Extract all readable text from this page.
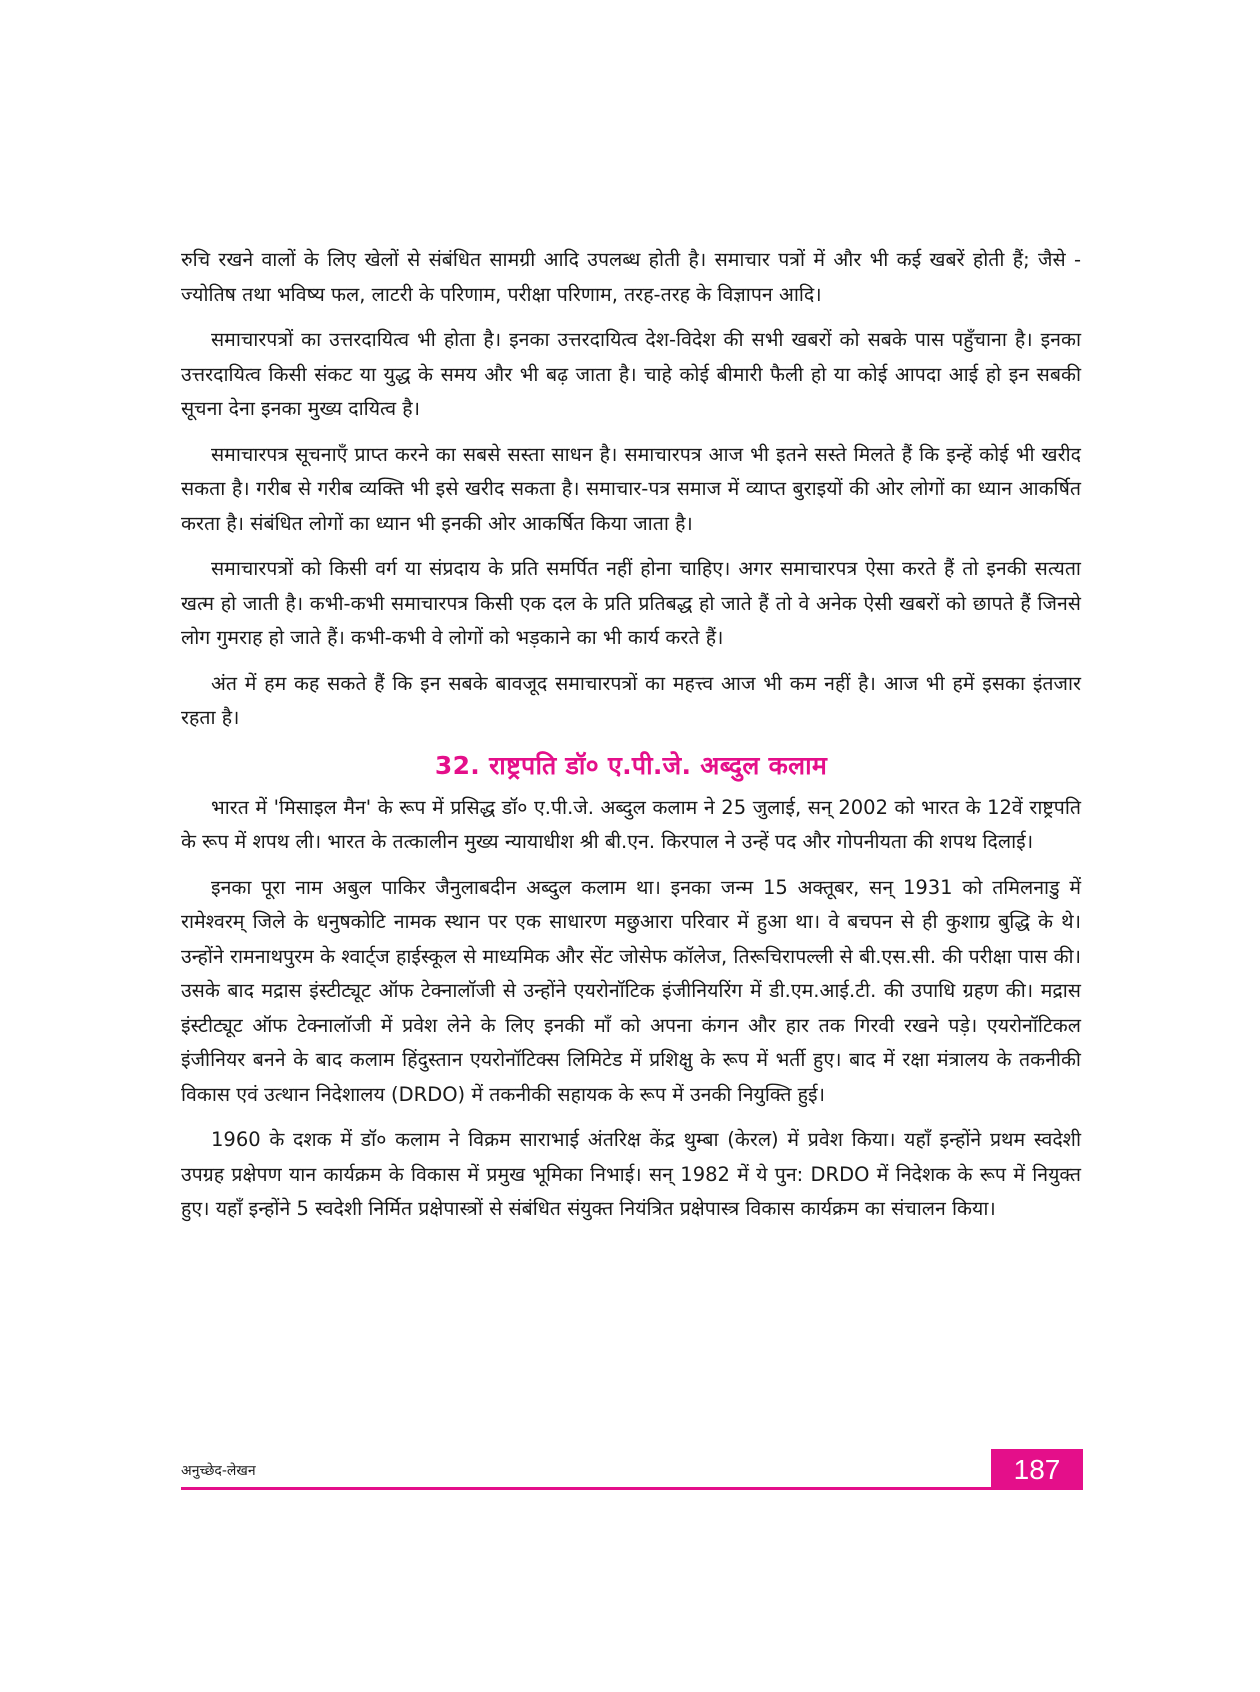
रुचि रखने वालों के लिए खेलों से संबंधित सामग्री आदि उपलब्ध होती है। समाचार पत्रों में और भी कई खबरें होती हैं; जैसे - ज्योतिष तथा भविष्य फल, लाटरी के परिणाम, परीक्षा परिणाम, तरह-तरह के विज्ञापन आदि।

समाचारपत्रों का उत्तरदायित्व भी होता है। इनका उत्तरदायित्व देश-विदेश की सभी खबरों को सबके पास पहुँचाना है। इनका उत्तरदायित्व किसी संकट या युद्ध के समय और भी बढ़ जाता है। चाहे कोई बीमारी फैली हो या कोई आपदा आई हो इन सबकी सूचना देना इनका मुख्य दायित्व है।

समाचारपत्र सूचनाएँ प्राप्त करने का सबसे सस्ता साधन है। समाचारपत्र आज भी इतने सस्ते मिलते हैं कि इन्हें कोई भी खरीद सकता है। गरीब से गरीब व्यक्ति भी इसे खरीद सकता है। समाचार-पत्र समाज में व्याप्त बुराइयों की ओर लोगों का ध्यान आकर्षित करता है। संबंधित लोगों का ध्यान भी इनकी ओर आकर्षित किया जाता है।

समाचारपत्रों को किसी वर्ग या संप्रदाय के प्रति समर्पित नहीं होना चाहिए। अगर समाचारपत्र ऐसा करते हैं तो इनकी सत्यता खत्म हो जाती है। कभी-कभी समाचारपत्र किसी एक दल के प्रति प्रतिबद्ध हो जाते हैं तो वे अनेक ऐसी खबरों को छापते हैं जिनसे लोग गुमराह हो जाते हैं। कभी-कभी वे लोगों को भड़काने का भी कार्य करते हैं।

अंत में हम कह सकते हैं कि इन सबके बावजूद समाचारपत्रों का महत्त्व आज भी कम नहीं है। आज भी हमें इसका इंतजार रहता है।

32. राष्ट्रपति डॉ० ए.पी.जे. अब्दुल कलाम

भारत में 'मिसाइल मैन' के रूप में प्रसिद्ध डॉ० ए.पी.जे. अब्दुल कलाम ने 25 जुलाई, सन् 2002 को भारत के 12वें राष्ट्रपति के रूप में शपथ ली। भारत के तत्कालीन मुख्य न्यायाधीश श्री बी.एन. किरपाल ने उन्हें पद और गोपनीयता की शपथ दिलाई।

इनका पूरा नाम अबुल पाकिर जैनुलाबदीन अब्दुल कलाम था। इनका जन्म 15 अक्तूबर, सन् 1931 को तमिलनाडु में रामेश्वरम् जिले के धनुषकोटि नामक स्थान पर एक साधारण मछुआरा परिवार में हुआ था। वे बचपन से ही कुशाग्र बुद्धि के थे। उन्होंने रामनाथपुरम के श्वार्ट्ज हाईस्कूल से माध्यमिक और सेंट जोसेफ कॉलेज, तिरूचिरापल्ली से बी.एस.सी. की परीक्षा पास की। उसके बाद मद्रास इंस्टीट्यूट ऑफ टेक्नालॉजी से उन्होंने एयरोनॉटिक इंजीनियरिंग में डी.एम.आई.टी. की उपाधि ग्रहण की। मद्रास इंस्टीट्यूट ऑफ टेक्नालॉजी में प्रवेश लेने के लिए इनकी माँ को अपना कंगन और हार तक गिरवी रखने पड़े। एयरोनॉटिकल इंजीनियर बनने के बाद कलाम हिंदुस्तान एयरोनॉटिक्स लिमिटेड में प्रशिक्षु के रूप में भर्ती हुए। बाद में रक्षा मंत्रालय के तकनीकी विकास एवं उत्थान निदेशालय (DRDO) में तकनीकी सहायक के रूप में उनकी नियुक्ति हुई।

1960 के दशक में डॉ० कलाम ने विक्रम साराभाई अंतरिक्ष केंद्र थुम्बा (केरल) में प्रवेश किया। यहाँ इन्होंने प्रथम स्वदेशी उपग्रह प्रक्षेपण यान कार्यक्रम के विकास में प्रमुख भूमिका निभाई। सन् 1982 में ये पुन: DRDO में निदेशक के रूप में नियुक्त हुए। यहाँ इन्होंने 5 स्वदेशी निर्मित प्रक्षेपास्त्रों से संबंधित संयुक्त नियंत्रित प्रक्षेपास्त्र विकास कार्यक्रम का संचालन किया।

अनुच्छेद-लेखन	187
